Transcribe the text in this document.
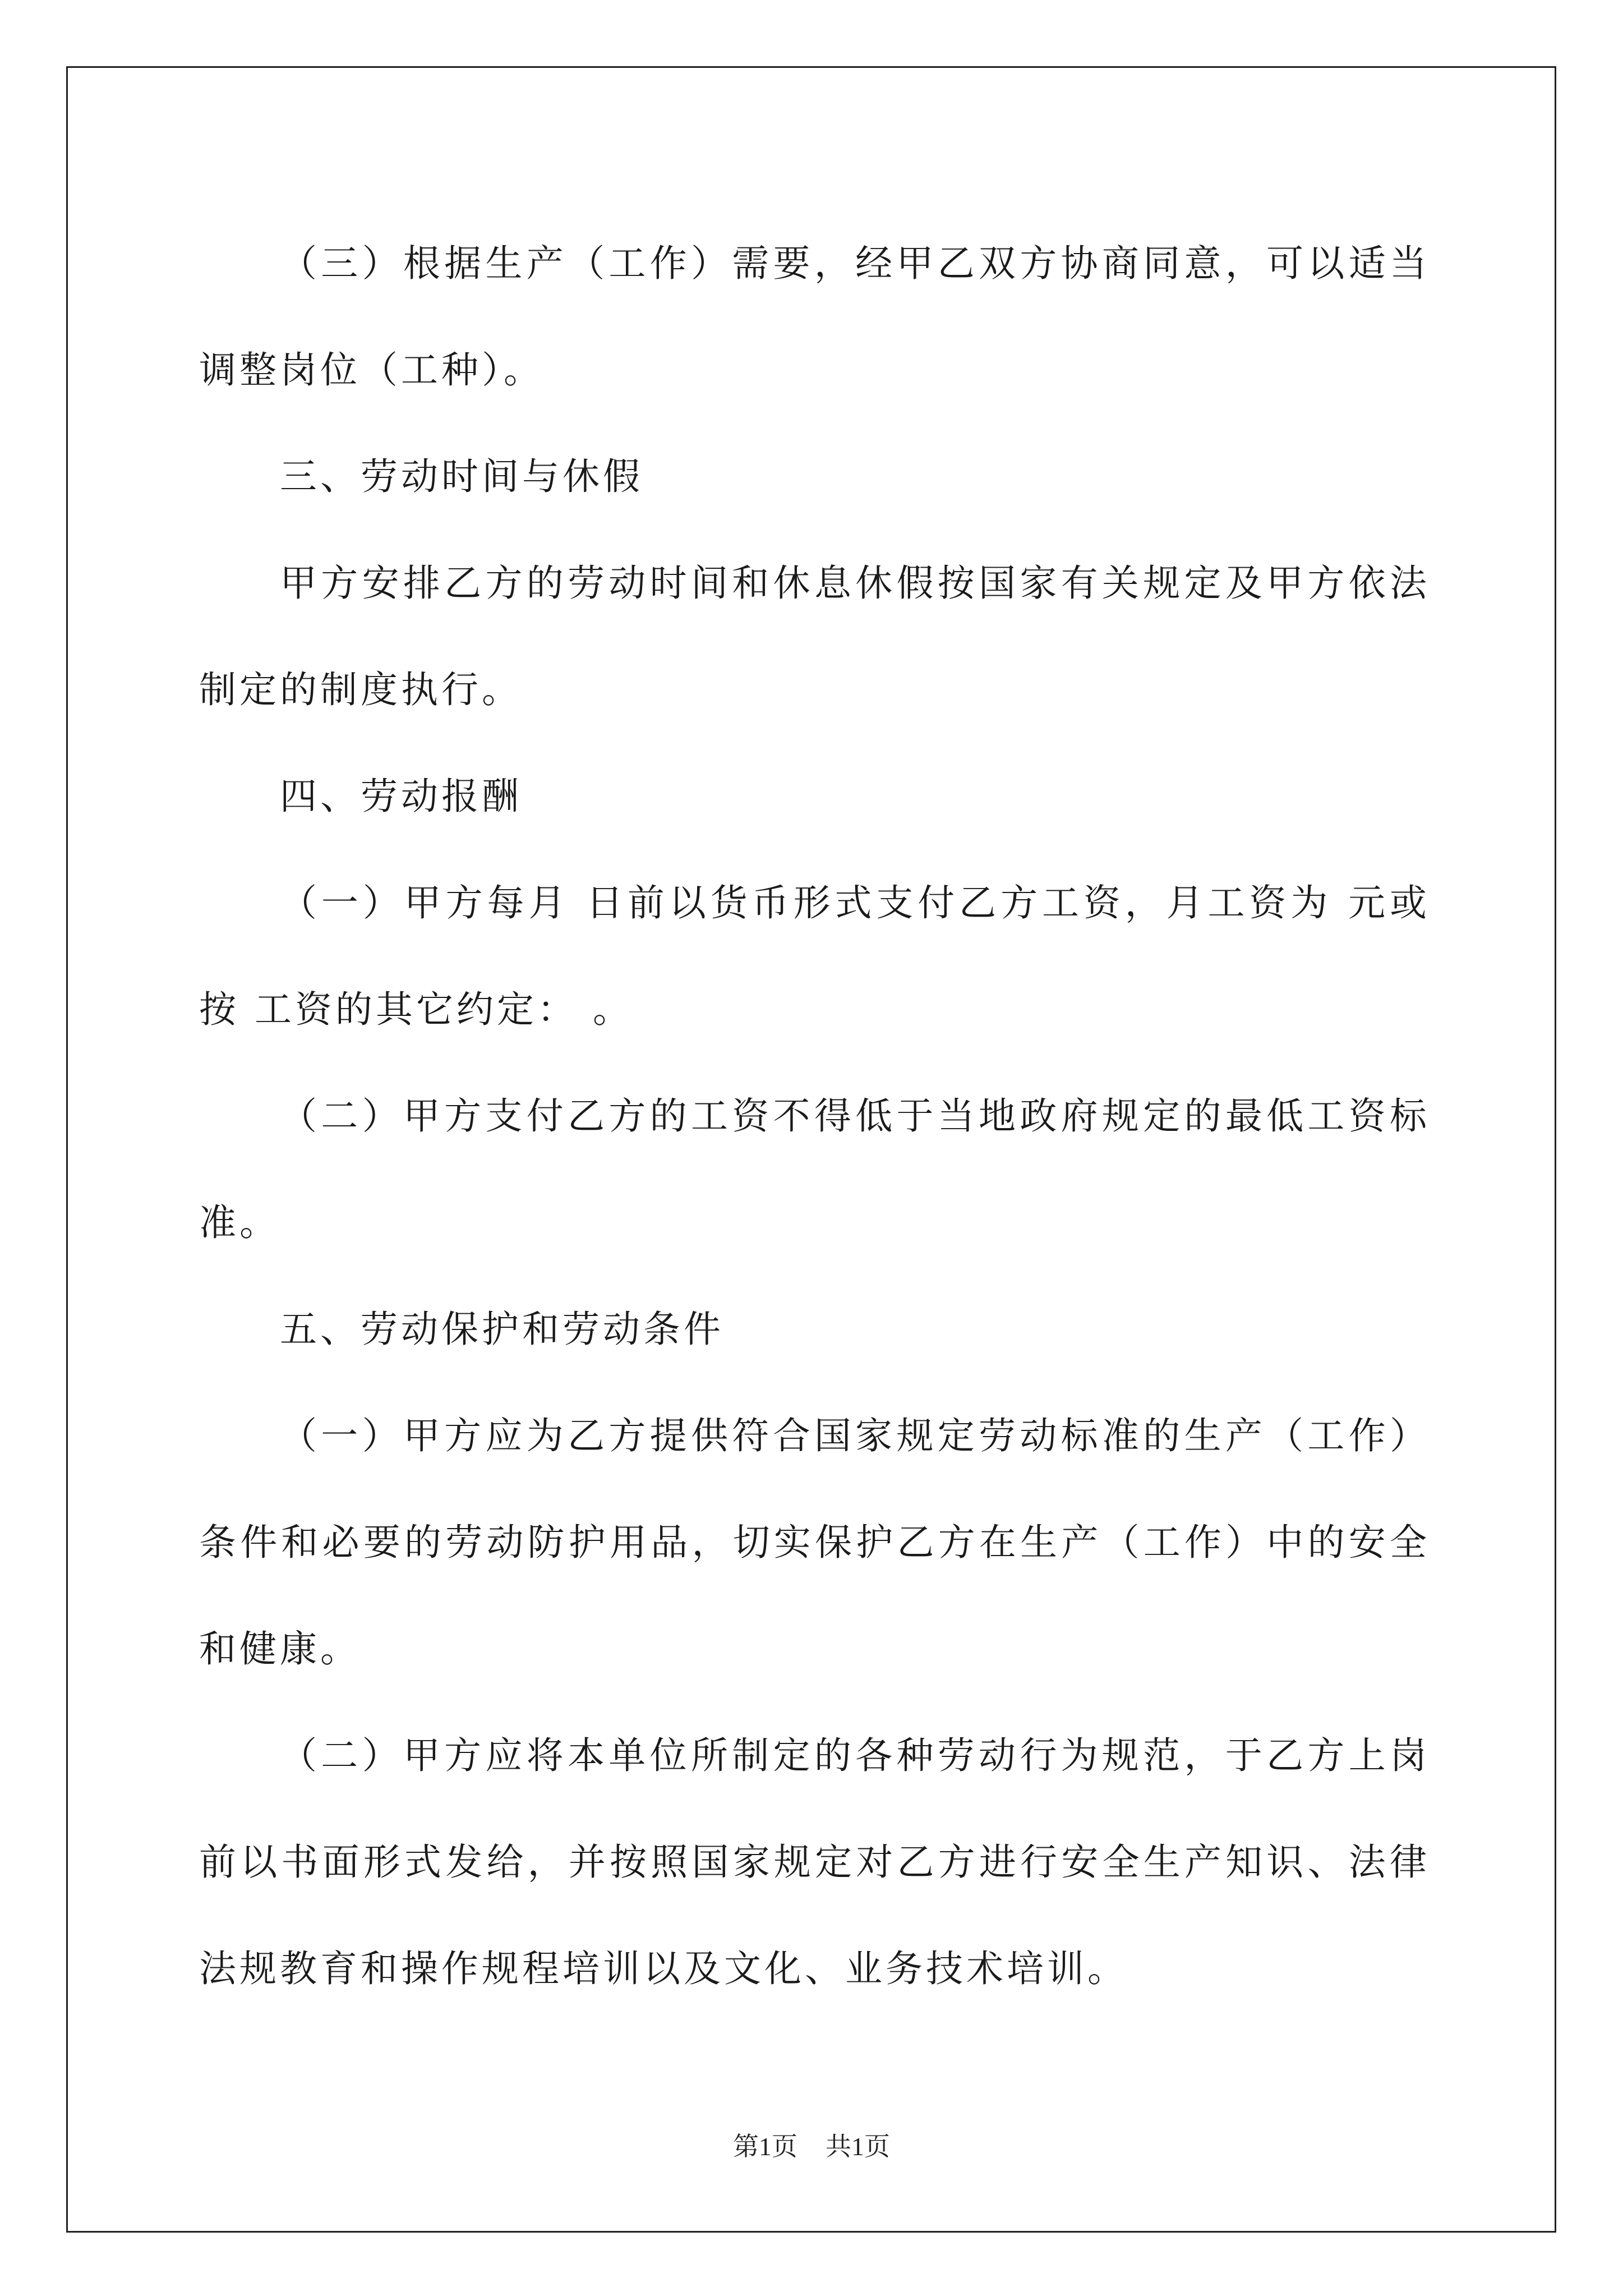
（三）根据生产（工作）需要，经甲乙双方协商同意，可以适当调整岗位（工种）。

三、劳动时间与休假

甲方安排乙方的劳动时间和休息休假按国家有关规定及甲方依法制定的制度执行。

四、劳动报酬

（一）甲方每月 日前以货币形式支付乙方工资，月工资为 元或按 工资的其它约定： 。

（二）甲方支付乙方的工资不得低于当地政府规定的最低工资标准。

五、劳动保护和劳动条件

（一）甲方应为乙方提供符合国家规定劳动标准的生产（工作）条件和必要的劳动防护用品，切实保护乙方在生产（工作）中的安全和健康。

（二）甲方应将本单位所制定的各种劳动行为规范，于乙方上岗前以书面形式发给，并按照国家规定对乙方进行安全生产知识、法律法规教育和操作规程培训以及文化、业务技术培训。

第1页 共1页
